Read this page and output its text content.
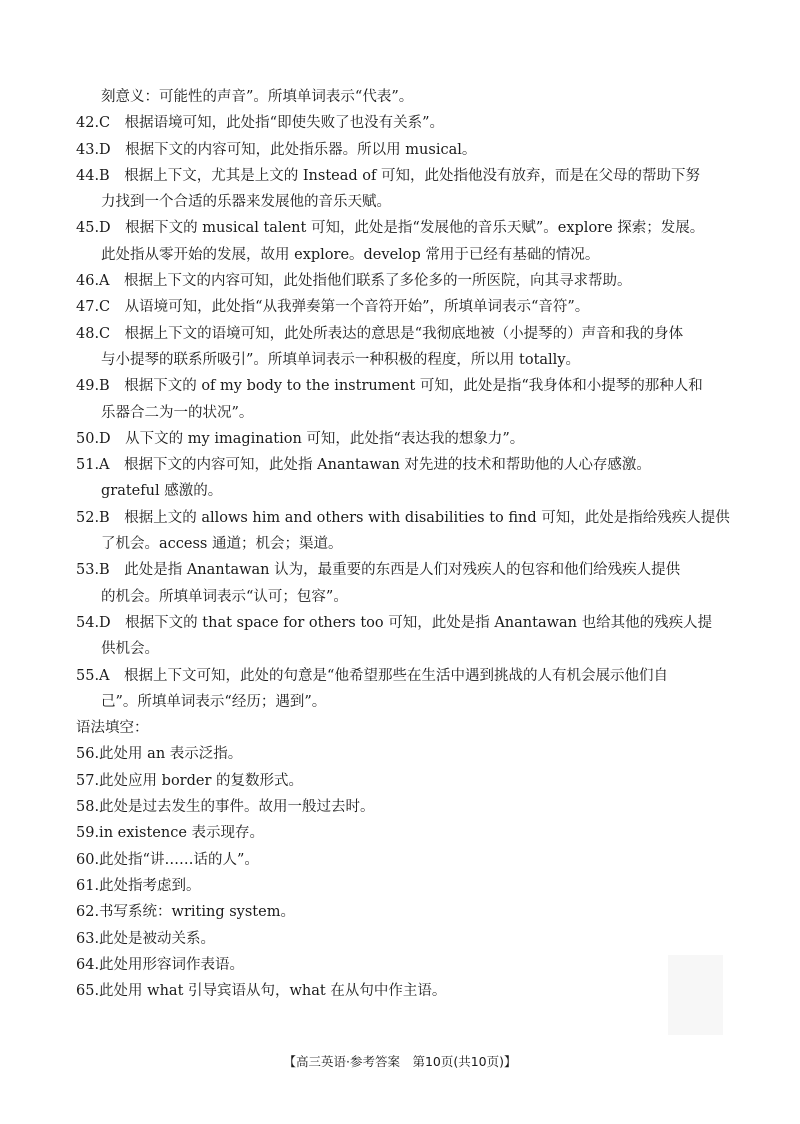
刻意义：可能性的声音”。所填单词表示“代表”。
42.C　根据语境可知，此处指“即使失败了也没有关系”。
43.D　根据下文的内容可知，此处指乐器。所以用 musical。
44.B　根据上下文，尤其是上文的 Instead of 可知，此处指他没有放弃，而是在父母的帮助下努
力找到一个合适的乐器来发展他的音乐天赋。
45.D　根据下文的 musical talent 可知，此处是指“发展他的音乐天赋”。explore 探索；发展。
此处指从零开始的发展，故用 explore。develop 常用于已经有基础的情况。
46.A　根据上下文的内容可知，此处指他们联系了多伦多的一所医院，向其寻求帮助。
47.C　从语境可知，此处指“从我弹奏第一个音符开始”，所填单词表示“音符”。
48.C　根据上下文的语境可知，此处所表达的意思是“我彻底地被（小提琴的）声音和我的身体
与小提琴的联系所吸引”。所填单词表示一种积极的程度，所以用 totally。
49.B　根据下文的 of my body to the instrument 可知，此处是指“我身体和小提琴的那种人和
乐器合二为一的状况”。
50.D　从下文的 my imagination 可知，此处指“表达我的想象力”。
51.A　根据下文的内容可知，此处指 Anantawan 对先进的技术和帮助他的人心存感激。
grateful 感激的。
52.B　根据上文的 allows him and others with disabilities to find 可知，此处是指给残疾人提供
了机会。access 通道；机会；渠道。
53.B　此处是指 Anantawan 认为，最重要的东西是人们对残疾人的包容和他们给残疾人提供
的机会。所填单词表示“认可；包容”。
54.D　根据下文的 that space for others too 可知，此处是指 Anantawan 也给其他的残疾人提
供机会。
55.A　根据上下文可知，此处的句意是“他希望那些在生活中遇到挑战的人有机会展示他们自
己”。所填单词表示“经历；遇到”。
语法填空：
56.此处用 an 表示泛指。
57.此处应用 border 的复数形式。
58.此处是过去发生的事件。故用一般过去时。
59.in existence 表示现存。
60.此处指“讲……话的人”。
61.此处指考虑到。
62.书写系统：writing system。
63.此处是被动关系。
64.此处用形容词作表语。
65.此处用 what 引导宾语从句，what 在从句中作主语。
【高三英语·参考答案　第10页(共10页)】
